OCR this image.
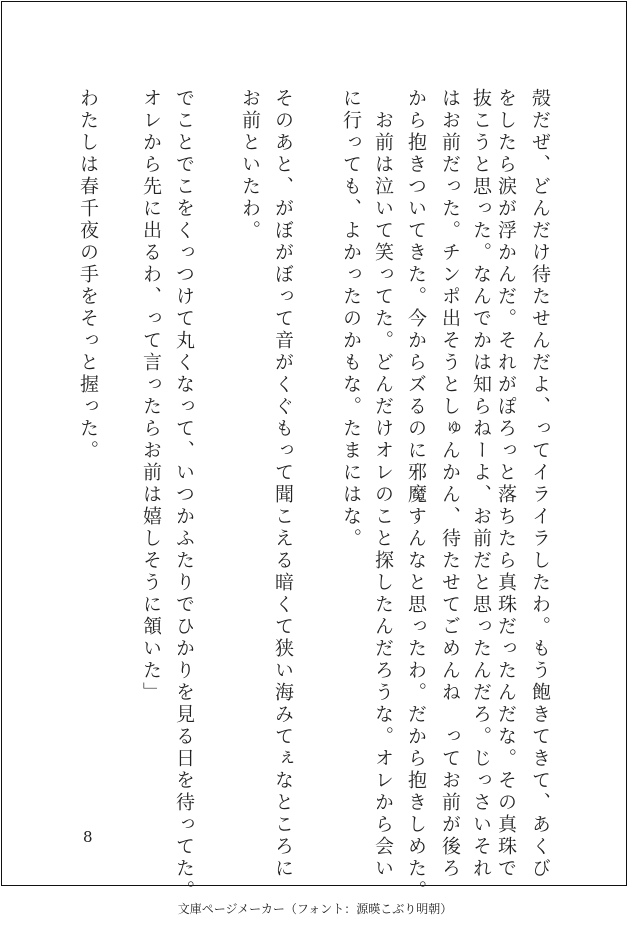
殻だぜ、どんだけ待たせんだよ、ってイライラしたわ。もう飽きてきて、あくび
をしたら涙が浮かんだ。それがぽろっと落ちたら真珠だったんだな。その真珠で
抜こうと思った。なんでかは知らねーよ、お前だと思ったんだろ。じっさいそれ
はお前だった。チンポ出そうとしゅんかん、待たせてごめんね　ってお前が後ろ
から抱きついてきた。今からズるのに邪魔すんなと思ったわ。だから抱きしめた。
　お前は泣いて笑ってた。どんだけオレのこと探したんだろうな。オレから会い
に行っても、よかったのかもな。たまにはな。
そのあと、がぼがぼって音がくぐもって聞こえる暗くて狭い海みてぇなところに
お前といたわ。
でことでこをくっつけて丸くなって、いつかふたりでひかりを見る日を待ってた。
オレから先に出るわ、って言ったらお前は嬉しそうに頷いた」
わたしは春千夜の手をそっと握った。
8
文庫ページメーカー（フォント：源暎こぶり明朝）
